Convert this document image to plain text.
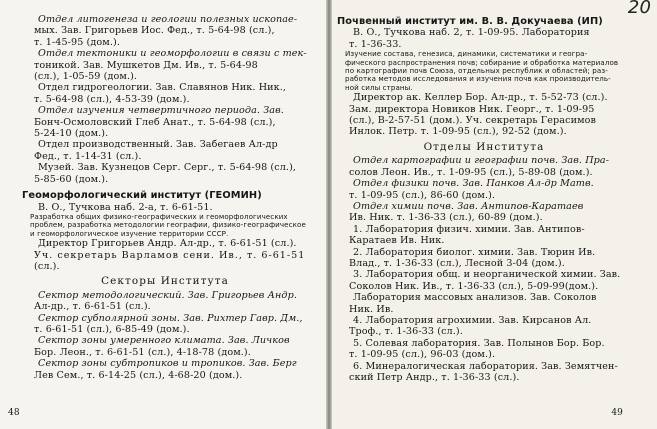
Отдел литогенеза и геологии полезных ископае-
мых. Зав. Григорьев Иос. Фед., т. 5-64-98 (сл.),
т. 1-45-95 (дом.).
Отдел тектоники и геоморфологии в связи с тек-
тоникой. Зав. Мушкетов Дм. Ив., т. 5-64-98
(сл.), 1-05-59 (дом.).
Отдел гидрогеологии. Зав. Славянов Ник. Ник.,
т. 5-64-98 (сл.), 4-53-39 (дом.).
Отдел изучения четвертичного периода. Зав.
Бонч-Осмоловский Глеб Анат., т. 5-64-98 (сл.),
5-24-10 (дом.).
Отдел производственный. Зав. Забегаев Ал-др
Фед., т. 1-14-31 (сл.).
Музей. Зав. Кузнецов Серг. Серг., т. 5-64-98 (сл.),
5-85-60 (дом.).
Геоморфологический институт (ГЕОМИН)
В. О., Тучкова наб. 2-а, т. 6-61-51.
Разработка общих физико-географических и геоморфологических
проблем, разработка методологии географии, физико-географическое
и геоморфологическое изучение территории СССР.
Директор Григорьев Андр. Ал-др., т. 6-61-51 (сл.).
Уч. секретарь Варламов сени. Ив., т. 6-61-51
(сл.).
Секторы Института
Сектор методологический. Зав. Григорьев Андр.
Ал-др., т. 6-61-51 (сл.).
Сектор субполярной зоны. Зав. Рихтер Гавр. Дм.,
т. 6-61-51 (сл.), 6-85-49 (дом.).
Сектор зоны умеренного климата. Зав. Личков
Бор. Леон., т. 6-61-51 (сл.), 4-18-78 (дом.).
Сектор зоны субтропиков и тропиков. Зав. Берг
Лев Сем., т. 6-14-25 (сл.), 4-68-20 (дом.).
48
20
Почвенный институт им. В. В. Докучаева (ИП)
В. О., Тучкова наб. 2, т. 1-09-95. Лаборатория
т. 1-36-33.
Изучение состава, генезиса, динамики, систематики и геогра-
фического распространения почв; собирание и обработка материалов
по картографии почв Союза, отдельных республик и областей; раз-
работка методов исследования и изучения почв как производитель-
ной силы страны.
Директор ак. Келлер Бор. Ал-др., т. 5-52-73 (сл.).
Зам. директора Новиков Ник. Георг., т. 1-09-95
(сл.), В-2-57-51 (дом.). Уч. секретарь Герасимов
Инлок. Петр. т. 1-09-95 (сл.), 92-52 (дом.).
Отделы Института
Отдел картографии и географии почв. Зав. Пра-
солов Леон. Ив., т. 1-09-95 (сл.), 5-89-08 (дом.).
Отдел физики почв. Зав. Панков Ал-др Матв.
т. 1-09-95 (сл.), 86-60 (дом.).
Отдел химии почв. Зав. Антипов-Каратаев
Ив. Ник. т. 1-36-33 (сл.), 60-89 (дом.).
1. Лаборатория физич. химии. Зав. Антипов-
Каратаев Ив. Ник.
2. Лаборатория биолог. химии. Зав. Тюрин Ив.
Влад., т. 1-36-33 (сл.), Лесной 3-04 (дом.).
3. Лаборатория общ. и неорганической химии. Зав.
Соколов Ник. Ив., т. 1-36-33 (сл.), 5-09-99(дом.).
Лаборатория массовых анализов. Зав. Соколов
Ник. Ив.
4. Лаборатория агрохимии. Зав. Кирсанов Ал.
Троф., т. 1-36-33 (сл.).
5. Солевая лаборатория. Зав. Полынов Бор. Бор.
т. 1-09-95 (сл.), 96-03 (дом.).
6. Минералогическая лаборатория. Зав. Земятчен-
ский Петр Андр., т. 1-36-33 (сл.).
49
